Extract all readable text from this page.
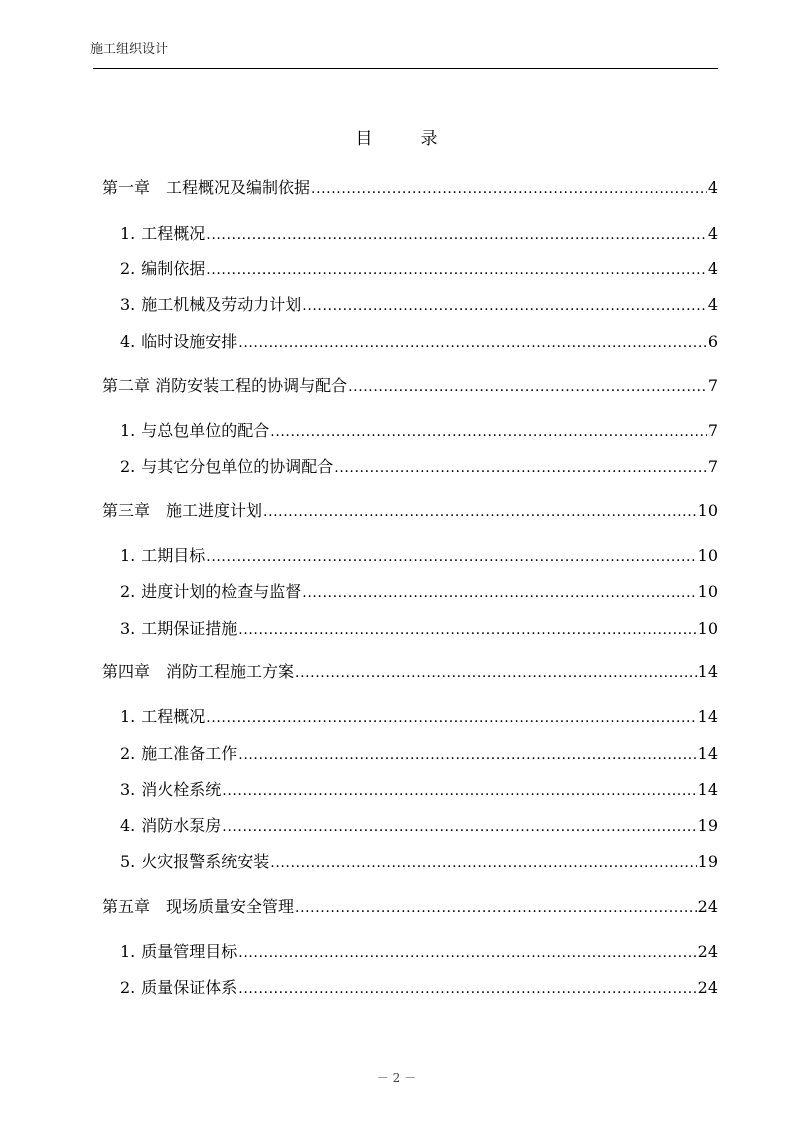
施工组织设计
目	录
第一章　工程概况及编制依据 .....	4
1. 工程概况 .....	4
2. 编制依据 .....	4
3. 施工机械及劳动力计划 .....	4
4. 临时设施安排 .....	6
第二章 消防安装工程的协调与配合 .....	7
1. 与总包单位的配合 .....	7
2. 与其它分包单位的协调配合 .....	7
第三章　施工进度计划 .....	10
1. 工期目标 .....	10
2. 进度计划的检查与监督 .....	10
3. 工期保证措施 .....	10
第四章　消防工程施工方案 .....	14
1. 工程概况 .....	14
2. 施工准备工作 .....	14
3. 消火栓系统 .....	14
4. 消防水泵房 .....	19
5. 火灾报警系统安装 .....	19
第五章　现场质量安全管理 .....	24
1. 质量管理目标 .....	24
2. 质量保证体系 .....	24
－ 2 －
